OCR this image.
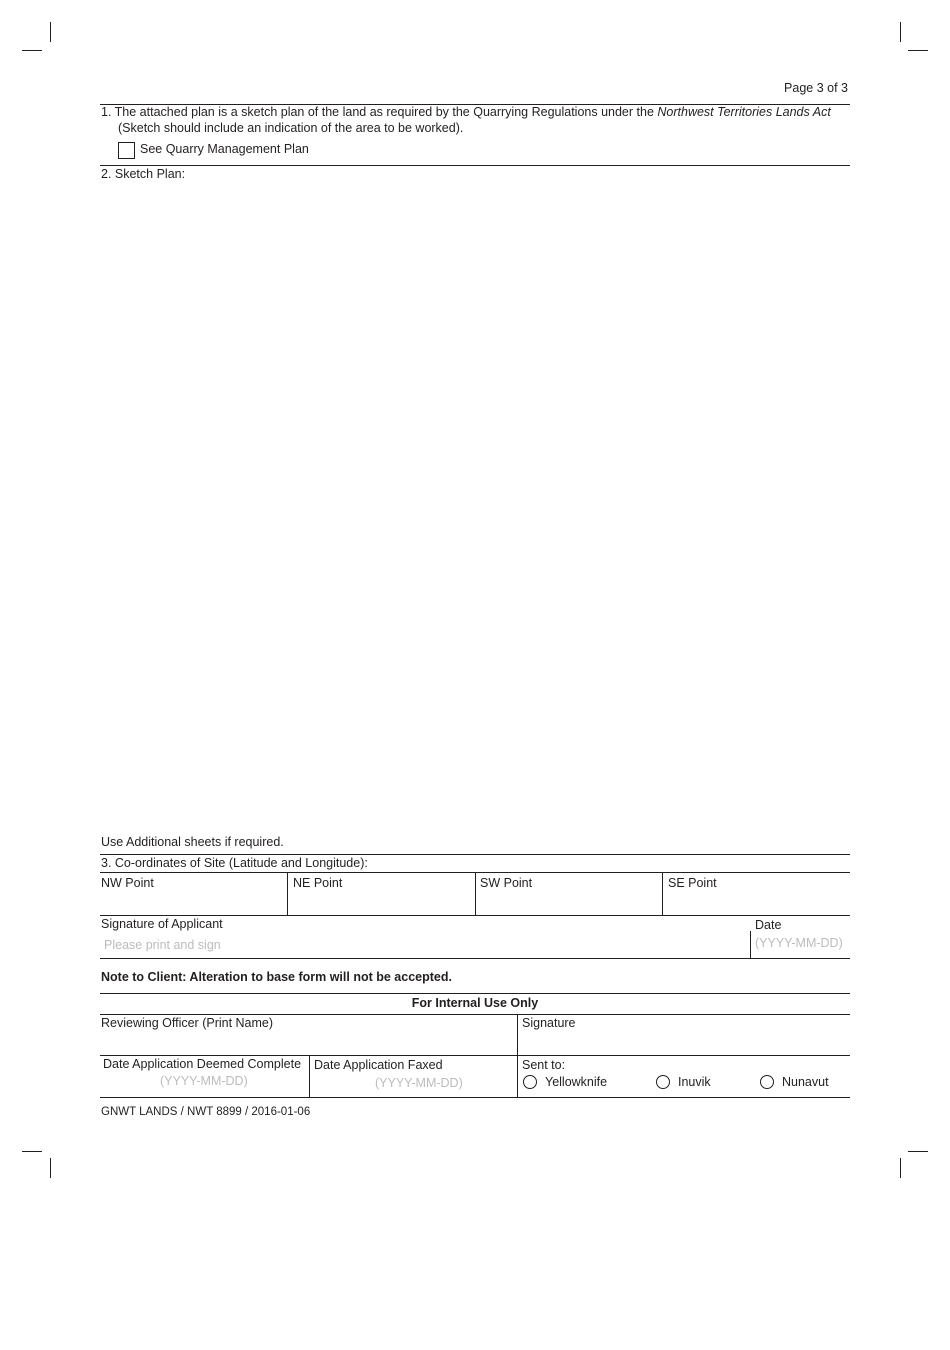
Page 3 of 3
1. The attached plan is a sketch plan of the land as required by the Quarrying Regulations under the Northwest Territories Lands Act
(Sketch should include an indication of the area to be worked).
See Quarry Management Plan
2. Sketch Plan:
Use Additional sheets if required.
3. Co-ordinates of Site (Latitude and Longitude):
NW Point	NE Point	SW Point	SE Point
Signature of Applicant
Please print and sign
Date
(YYYY-MM-DD)
Note to Client: Alteration to base form will not be accepted.
For Internal Use Only
Reviewing Officer (Print Name)	Signature
Date Application Deemed Complete
(YYYY-MM-DD)
Date Application Faxed
(YYYY-MM-DD)
Sent to:
Yellowknife	Inuvik	Nunavut
GNWT LANDS / NWT 8899 / 2016-01-06
